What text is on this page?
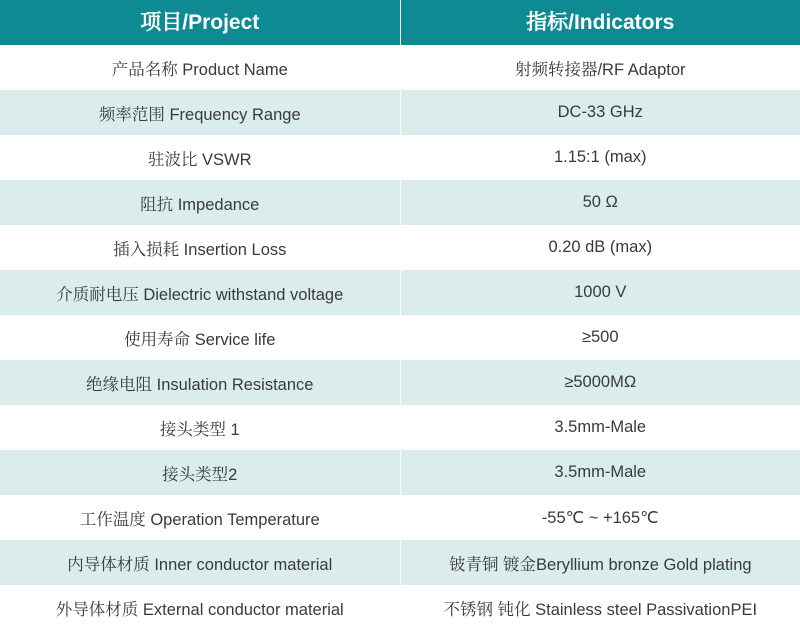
项目/Project	指标/Indicators
产品名称 Product Name	射频转接器/RF Adaptor
频率范围 Frequency Range	DC-33 GHz
驻波比 VSWR	1.15:1 (max)
阻抗 Impedance	50 Ω
插入损耗 Insertion Loss	0.20 dB (max)
介质耐电压 Dielectric withstand voltage	1000 V
使用寿命 Service life	≥500
绝缘电阻 Insulation Resistance	≥5000MΩ
接头类型 1	3.5mm-Male
接头类型2	3.5mm-Male
工作温度 Operation Temperature	-55℃ ~ +165℃
内导体材质 Inner conductor material	铍青铜 镀金Beryllium bronze Gold plating
外导体材质 External conductor material	不锈钢 钝化 Stainless steel PassivationPEI
